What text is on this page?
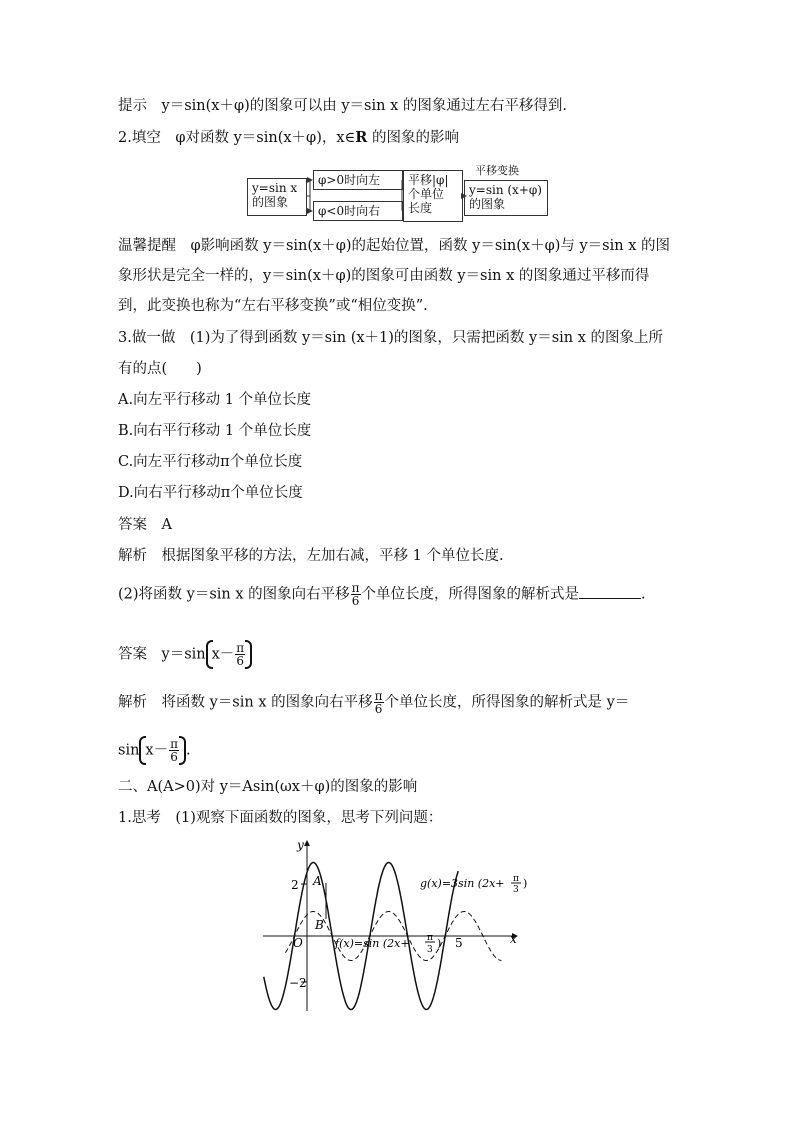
提示　 y＝sin(x＋φ)的图象可以由 y＝sin x 的图象通过左右平移得到.
2.填空　 φ对函数 y＝sin(x＋φ)，x∈R 的图象的影响
y=sin x
的图象
φ>0时向左
φ<0时向右
平移|φ|
个单位
长度
平移变换
y=sin (x+φ)
的图象
温馨提醒　 φ影响函数 y＝sin(x＋φ)的起始位置，函数 y＝sin(x＋φ)与 y＝sin x 的图
象形状是完全一样的，y＝sin(x＋φ)的图象可由函数 y＝sin x 的图象通过平移而得
到，此变换也称为“左右平移变换”或“相位变换”.
3.做一做　(1)为了得到函数 y＝sin (x＋1)的图象，只需把函数 y＝sin x 的图象上所
有的点(　　)
A.向左平行移动 1 个单位长度
B.向右平行移动 1 个单位长度
C.向左平行移动π个单位长度
D.向右平行移动π个单位长度
答案　 A
解析　 根据图象平移的方法，左加右减，平移 1 个单位长度.
(2)将函数 y＝sin x 的图象向右平移 $\frac{\pi}{6}$ 个单位长度，所得图象的解析式是	.
答案　 y＝sin $x- \frac{\pi}{6}$
解析　 将函数 y＝sin x 的图象向右平移 $\frac{\pi}{6}$ 个单位长度，所得图象的解析式是 y＝
$\sin x- \frac{\pi}{6}$ .
二、A(A>0)对 y＝Asin(ωx＋φ)的图象的影响
1.思考　(1)观察下面函数的图象，思考下列问题：
y
x
O
2
−2
5
A
B
g(x)=3sin (2x+ π
3 )
f(x)=sin (2x+ π
3 )
